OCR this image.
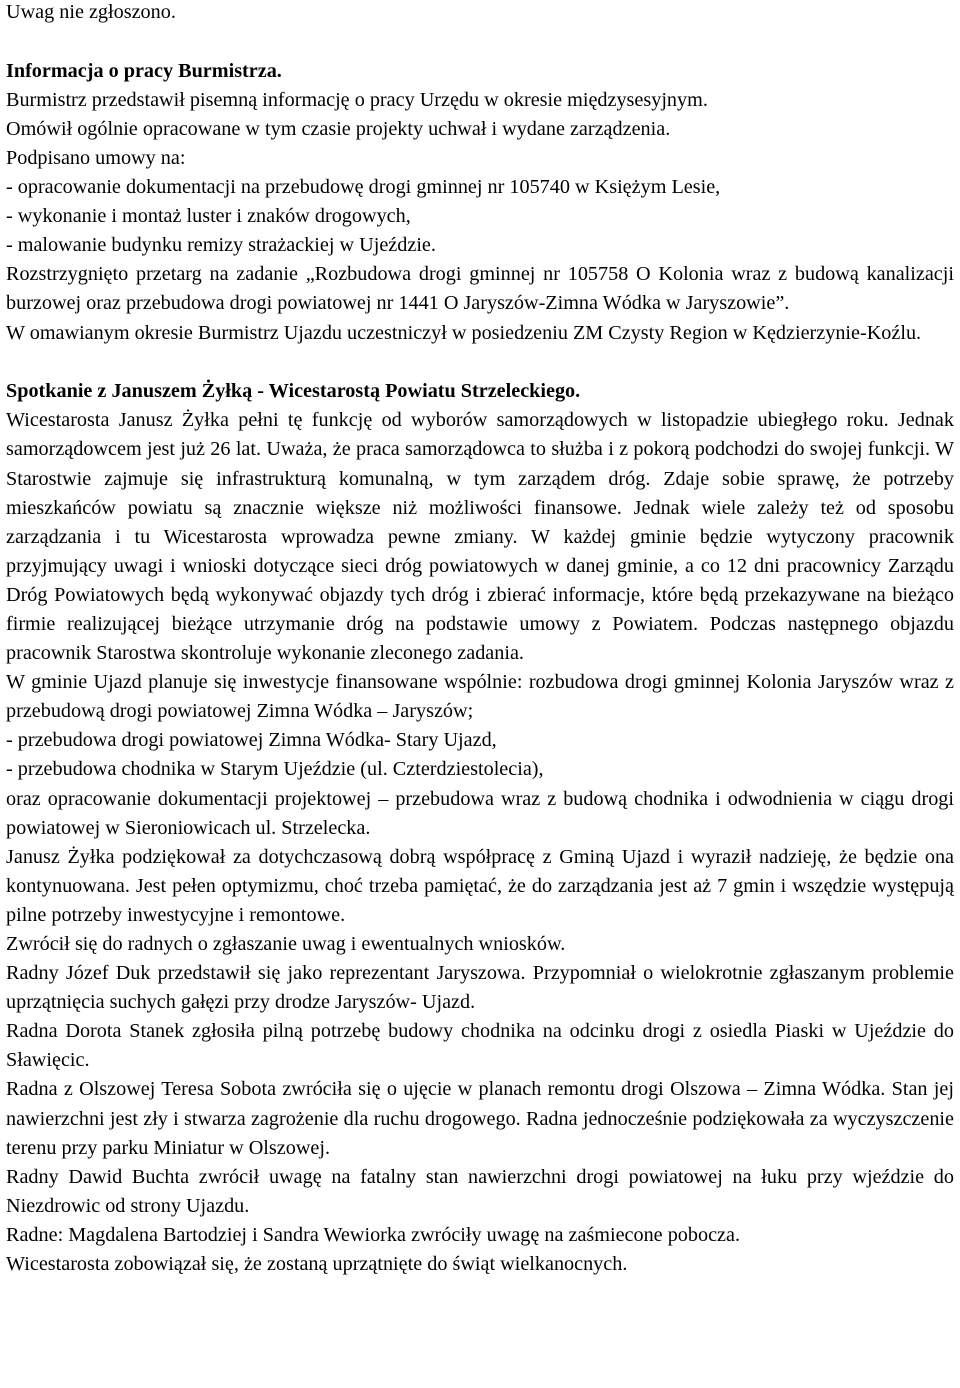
Uwag nie zgłoszono.

Informacja o pracy Burmistrza.

Burmistrz przedstawił pisemną informację o pracy Urzędu w okresie międzysesyjnym.

Omówił ogólnie opracowane w tym czasie projekty uchwał i wydane zarządzenia.

Podpisano umowy na:

- opracowanie dokumentacji na przebudowę drogi gminnej nr 105740 w Księżym Lesie,

- wykonanie i montaż luster i znaków drogowych,

- malowanie budynku remizy strażackiej w Ujeździe.

Rozstrzygnięto przetarg na zadanie „Rozbudowa drogi gminnej nr 105758 O Kolonia wraz z budową kanalizacji burzowej oraz przebudowa drogi powiatowej nr 1441 O Jaryszów-Zimna Wódka w Jaryszowie”.

W omawianym okresie Burmistrz Ujazdu uczestniczył w posiedzeniu ZM Czysty Region w Kędzierzynie-Koźlu.

Spotkanie z Januszem Żyłką - Wicestarostą Powiatu Strzeleckiego.

Wicestarosta Janusz Żyłka pełni tę funkcję od wyborów samorządowych w listopadzie ubiegłego roku. Jednak samorządowcem jest już 26 lat. Uważa, że praca samorządowca to służba i z pokorą podchodzi do swojej funkcji. W Starostwie zajmuje się infrastrukturą komunalną, w tym zarządem dróg. Zdaje sobie sprawę, że potrzeby mieszkańców powiatu są znacznie większe niż możliwości finansowe. Jednak wiele zależy też od sposobu zarządzania i tu Wicestarosta wprowadza pewne zmiany. W każdej gminie będzie wytyczony pracownik przyjmujący uwagi i wnioski dotyczące sieci dróg powiatowych w danej gminie, a co 12 dni pracownicy Zarządu Dróg Powiatowych będą wykonywać objazdy tych dróg i zbierać informacje, które będą przekazywane na bieżąco firmie realizującej bieżące utrzymanie dróg na podstawie umowy z Powiatem. Podczas następnego objazdu pracownik Starostwa skontroluje wykonanie zleconego zadania.

W gminie Ujazd planuje się inwestycje finansowane wspólnie: rozbudowa drogi gminnej Kolonia Jaryszów wraz z przebudową drogi powiatowej Zimna Wódka – Jaryszów;

- przebudowa drogi powiatowej Zimna Wódka- Stary Ujazd,

- przebudowa chodnika w Starym Ujeździe (ul. Czterdziestolecia),

oraz opracowanie dokumentacji projektowej – przebudowa wraz z budową chodnika i odwodnienia w ciągu drogi powiatowej w Sieroniowicach ul. Strzelecka.

Janusz Żyłka podziękował za dotychczasową dobrą współpracę z Gminą Ujazd i wyraził nadzieję, że będzie ona kontynuowana. Jest pełen optymizmu, choć trzeba pamiętać, że do zarządzania jest aż 7 gmin i wszędzie występują pilne potrzeby inwestycyjne i remontowe.

Zwrócił się do radnych o zgłaszanie uwag i ewentualnych wniosków.

Radny Józef Duk przedstawił się jako reprezentant Jaryszowa. Przypomniał o wielokrotnie zgłaszanym problemie uprzątnięcia suchych gałęzi przy drodze Jaryszów- Ujazd.

Radna Dorota Stanek zgłosiła pilną potrzebę budowy chodnika na odcinku drogi z osiedla Piaski w Ujeździe do Sławięcic.

Radna z Olszowej Teresa Sobota zwróciła się o ujęcie w planach remontu drogi Olszowa – Zimna Wódka. Stan jej nawierzchni jest zły i stwarza zagrożenie dla ruchu drogowego. Radna jednocześnie podziękowała za wyczyszczenie terenu przy parku Miniatur w Olszowej.

Radny Dawid Buchta zwrócił uwagę na fatalny stan nawierzchni drogi powiatowej na łuku przy wjeździe do Niezdrowic od strony Ujazdu.

Radne: Magdalena Bartodziej i Sandra Wewiorka zwróciły uwagę na zaśmiecone pobocza.

Wicestarosta zobowiązał się, że zostaną uprzątnięte do świąt wielkanocnych.
